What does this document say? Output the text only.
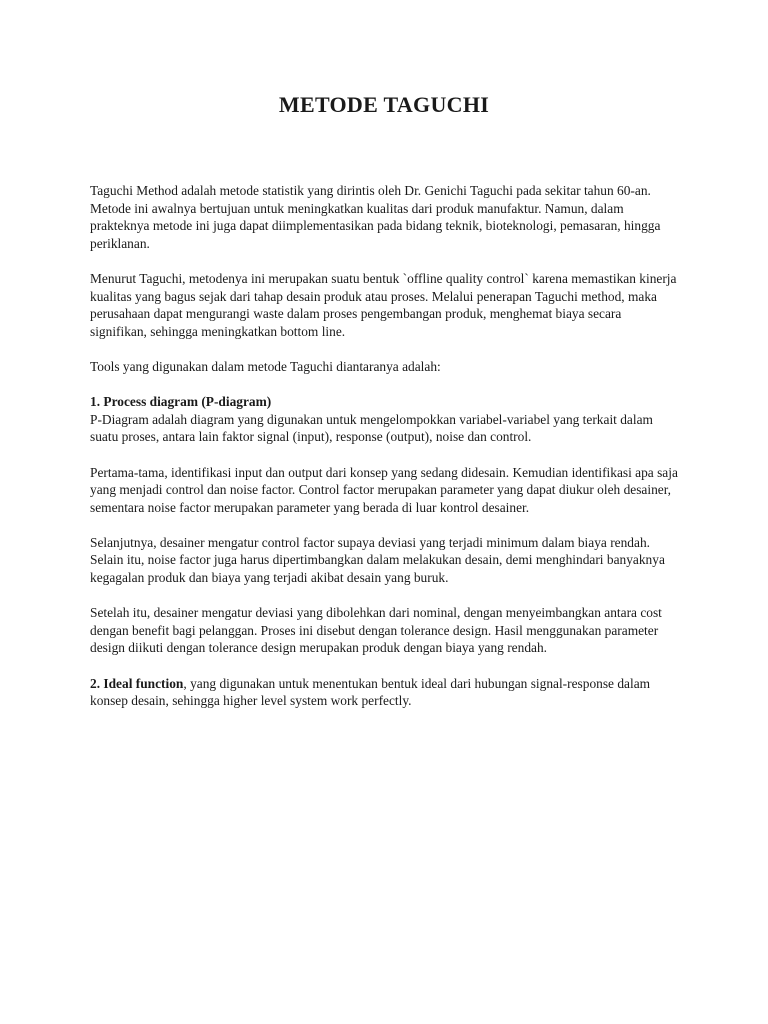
METODE TAGUCHI

Taguchi Method adalah metode statistik yang dirintis oleh Dr. Genichi Taguchi pada sekitar tahun 60-an. Metode ini awalnya bertujuan untuk meningkatkan kualitas dari produk manufaktur. Namun, dalam prakteknya metode ini juga dapat diimplementasikan pada bidang teknik, bioteknologi, pemasaran, hingga periklanan.

Menurut Taguchi, metodenya ini merupakan suatu bentuk `offline quality control` karena memastikan kinerja kualitas yang bagus sejak dari tahap desain produk atau proses. Melalui penerapan Taguchi method, maka perusahaan dapat mengurangi waste dalam proses pengembangan produk, menghemat biaya secara signifikan, sehingga meningkatkan bottom line.

Tools yang digunakan dalam metode Taguchi diantaranya adalah:

1. Process diagram (P-diagram)
P-Diagram adalah diagram yang digunakan untuk mengelompokkan variabel-variabel yang terkait dalam suatu proses, antara lain faktor signal (input), response (output), noise dan control.

Pertama-tama, identifikasi input dan output dari konsep yang sedang didesain. Kemudian identifikasi apa saja yang menjadi control dan noise factor. Control factor merupakan parameter yang dapat diukur oleh desainer, sementara noise factor merupakan parameter yang berada di luar kontrol desainer.

Selanjutnya, desainer mengatur control factor supaya deviasi yang terjadi minimum dalam biaya rendah. Selain itu, noise factor juga harus dipertimbangkan dalam melakukan desain, demi menghindari banyaknya kegagalan produk dan biaya yang terjadi akibat desain yang buruk.

Setelah itu, desainer mengatur deviasi yang dibolehkan dari nominal, dengan menyeimbangkan antara cost dengan benefit bagi pelanggan. Proses ini disebut dengan tolerance design. Hasil menggunakan parameter design diikuti dengan tolerance design merupakan produk dengan biaya yang rendah.

2. Ideal function, yang digunakan untuk menentukan bentuk ideal dari hubungan signal-response dalam konsep desain, sehingga higher level system work perfectly.
